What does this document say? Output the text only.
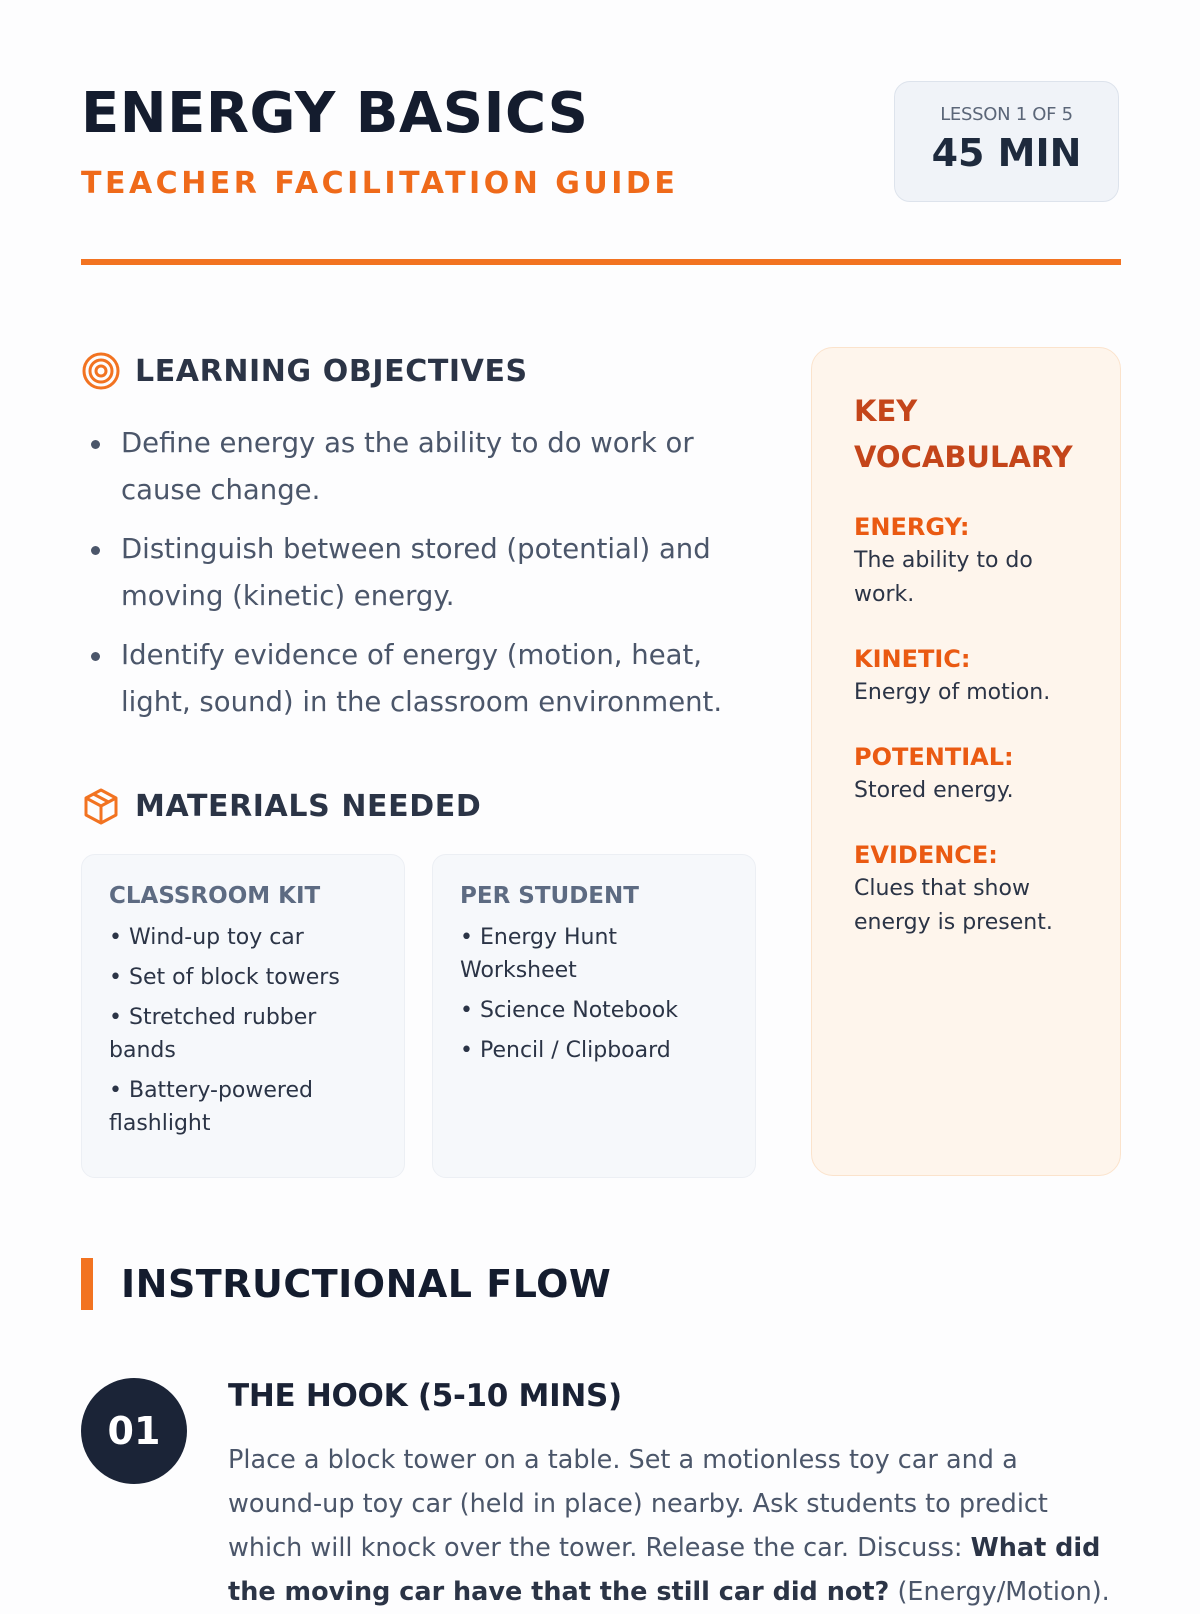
ENERGY BASICS
TEACHER FACILITATION GUIDE
LESSON 1 OF 5
45 MIN
LEARNING OBJECTIVES
Define energy as the ability to do work or cause change.
Distinguish between stored (potential) and moving (kinetic) energy.
Identify evidence of energy (motion, heat, light, sound) in the classroom environment.
MATERIALS NEEDED
CLASSROOM KIT
• Wind-up toy car
• Set of block towers
• Stretched rubber bands
• Battery-powered flashlight
PER STUDENT
• Energy Hunt Worksheet
• Science Notebook
• Pencil / Clipboard
KEY VOCABULARY
ENERGY:
The ability to do work.
KINETIC:
Energy of motion.
POTENTIAL:
Stored energy.
EVIDENCE:
Clues that show energy is present.
INSTRUCTIONAL FLOW
01
THE HOOK (5-10 MINS)

Place a block tower on a table. Set a motionless toy car and a wound-up toy car (held in place) nearby. Ask students to predict which will knock over the tower. Release the car. Discuss: What did the moving car have that the still car did not? (Energy/Motion).
